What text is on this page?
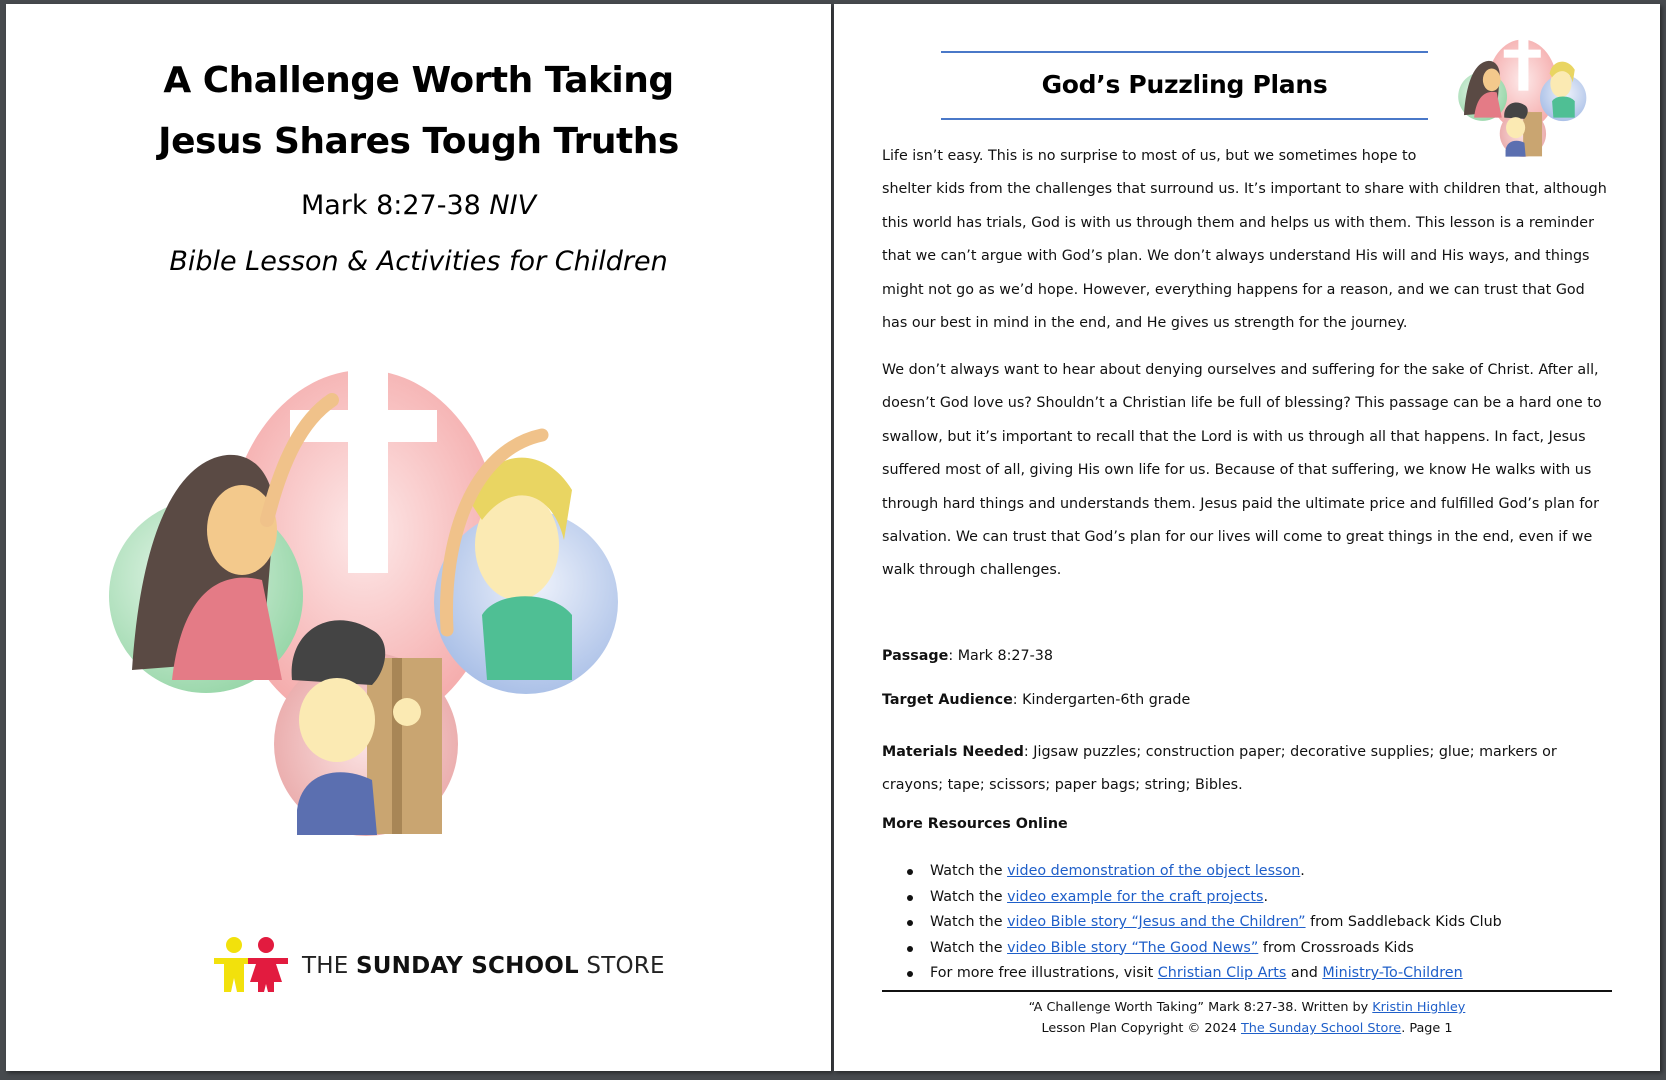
A Challenge Worth Taking
Jesus Shares Tough Truths
Mark 8:27-38 NIV
Bible Lesson & Activities for Children
THE SUNDAY SCHOOL STORE
God’s Puzzling Plans
Life isn’t easy. This is no surprise to most of us, but we sometimes hope to
shelter kids from the challenges that surround us. It’s important to share with children that, although this world has trials, God is with us through them and helps us with them. This lesson is a reminder that we can’t argue with God’s plan. We don’t always understand His will and His ways, and things might not go as we’d hope. However, everything happens for a reason, and we can trust that God has our best in mind in the end, and He gives us strength for the journey.
We don’t always want to hear about denying ourselves and suffering for the sake of Christ. After all, doesn’t God love us? Shouldn’t a Christian life be full of blessing? This passage can be a hard one to swallow, but it’s important to recall that the Lord is with us through all that happens. In fact, Jesus suffered most of all, giving His own life for us. Because of that suffering, we know He walks with us through hard things and understands them. Jesus paid the ultimate price and fulfilled God’s plan for salvation. We can trust that God’s plan for our lives will come to great things in the end, even if we walk through challenges.
Passage: Mark 8:27-38
Target Audience: Kindergarten-6th grade
Materials Needed: Jigsaw puzzles; construction paper; decorative supplies; glue; markers or crayons; tape; scissors; paper bags; string; Bibles.
More Resources Online
Watch the video demonstration of the object lesson.
Watch the video example for the craft projects.
Watch the video Bible story “Jesus and the Children” from Saddleback Kids Club
Watch the video Bible story “The Good News” from Crossroads Kids
For more free illustrations, visit Christian Clip Arts and Ministry-To-Children
“A Challenge Worth Taking” Mark 8:27-38. Written by Kristin Highley
Lesson Plan Copyright © 2024 The Sunday School Store. Page 1
